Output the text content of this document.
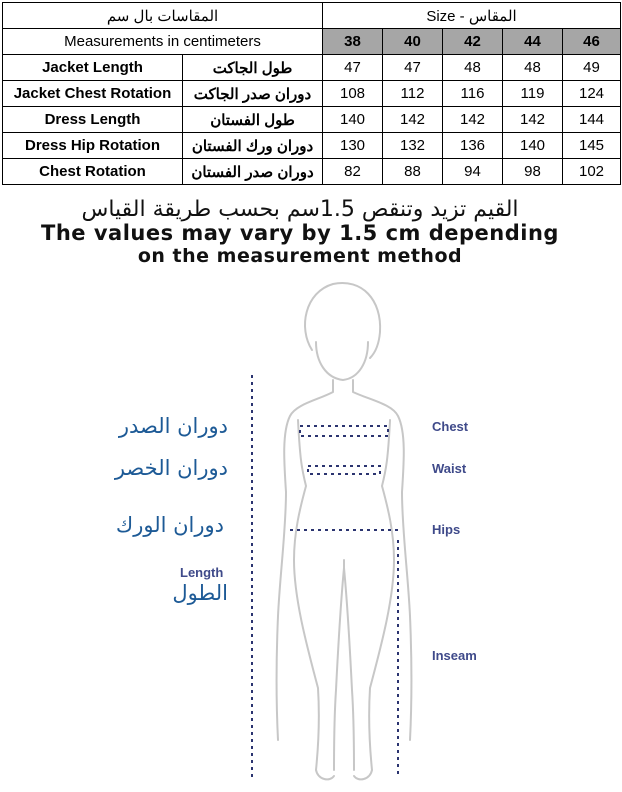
المقاسات بال سم		Size - المقاس				
Measurements in centimeters		38	40	42	44	46
Jacket Length	طول الجاكت	47	47	48	48	49
Jacket Chest Rotation	دوران صدر الجاكت	108	112	116	119	124
Dress Length	طول الفستان	140	142	142	142	144
Dress Hip Rotation	دوران ورك الفستان	130	132	136	140	145
Chest Rotation	دوران صدر الفستان	82	88	94	98	102
القيم تزيد وتنقص 1.5سم بحسب طريقة القياس
The values may vary by 1.5 cm depending
on the measurement method
دوران الصدر
دوران الخصر
دوران الورك
الطول
Length
Chest
Waist
Hips
Inseam
